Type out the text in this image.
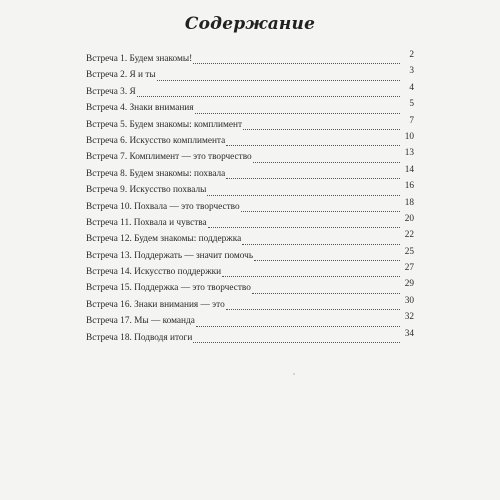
Содержание
Встреча 1. Будем знакомы!	2
Встреча 2. Я и ты	3
Встреча 3. Я	4
Встреча 4. Знаки внимания	5
Встреча 5. Будем знакомы: комплимент	7
Встреча 6. Искусство комплимента	10
Встреча 7. Комплимент — это творчество	13
Встреча 8. Будем знакомы: похвала	14
Встреча 9. Искусство похвалы	16
Встреча 10. Похвала — это творчество	18
Встреча 11. Похвала и чувства	20
Встреча 12. Будем знакомы: поддержка	22
Встреча 13. Поддержать — значит помочь	25
Встреча 14. Искусство поддержки	27
Встреча 15. Поддержка — это творчество	29
Встреча 16. Знаки внимания — это	30
Встреча 17. Мы — команда	32
Встреча 18. Подводя итоги	34
